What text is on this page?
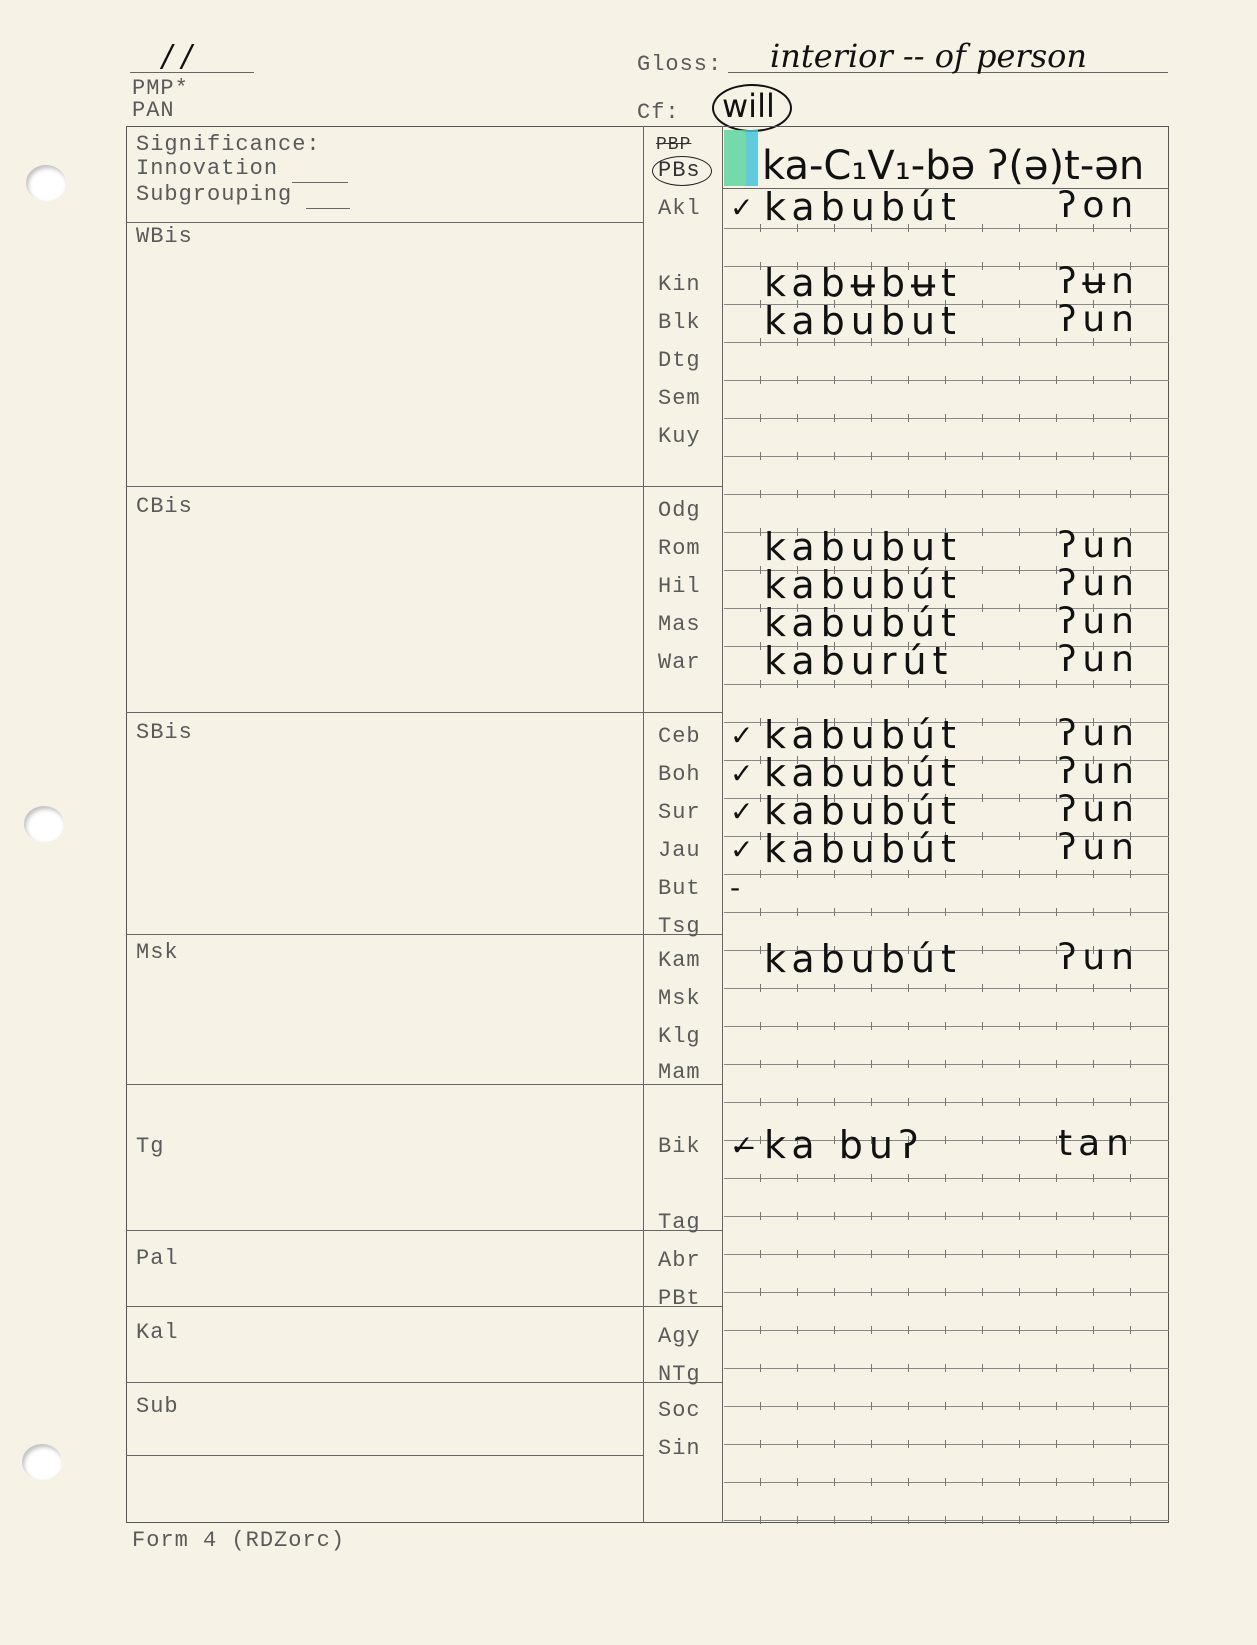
/ /
PMP*
PAN
Gloss: interior -- of person
Cf: will
Significance:
Innovation
Subgrouping
WBis
CBis
SBis
Msk
Tg
Pal
Kal
Sub
PBP
PBs ka-C₁V₁-bə ʔ(ə)t-ən
Akl ✓ kabubút	ʔon
Kin kabʉbʉt	ʔʉn
Blk kabubut	ʔun
Dtg
Sem
Kuy
Odg
Rom kabubut	ʔun
Hil kabubút	ʔun
Mas kabubút	ʔun
War kaburút	ʔun
Ceb ✓ kabubút	ʔun
Boh ✓ kabubút	ʔun
Sur ✓ kabubút	ʔun
Jau ✓ kabubút	ʔun
But -
Tsg
Kam kabubút	ʔun
Msk
Klg
Mam
Bik ✓̶ ka buʔ	tan
Tag
Abr
PBt
Agy
NTg
Soc
Sin
Form 4 (RDZorc)
